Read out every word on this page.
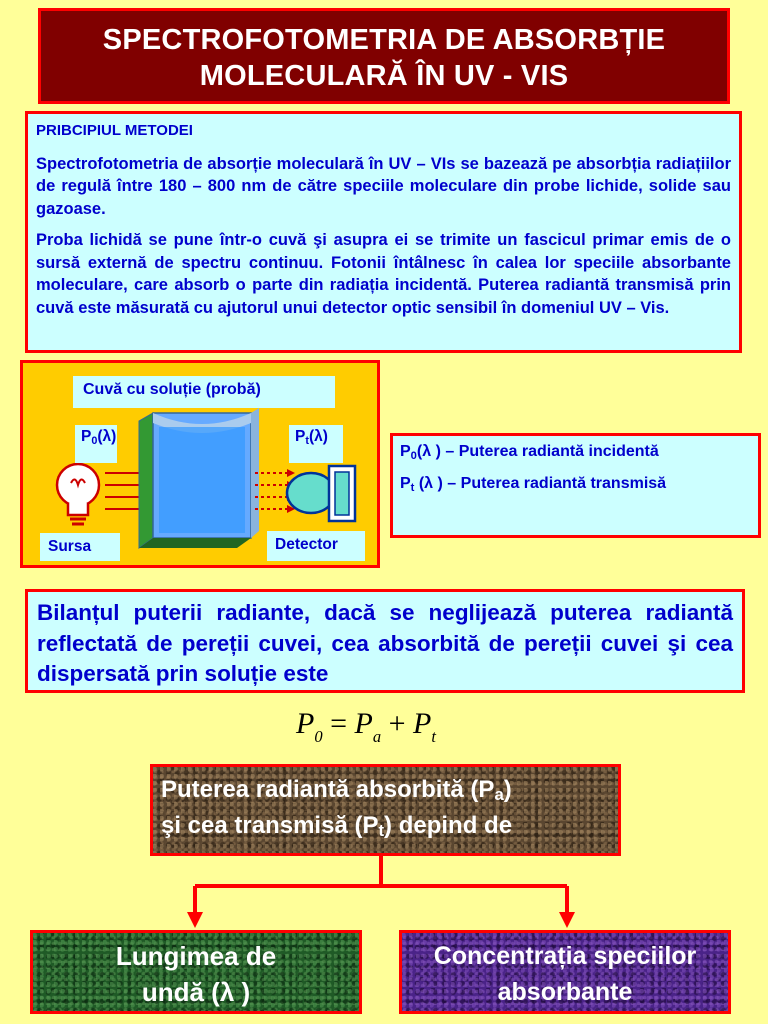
SPECTROFOTOMETRIA DE ABSORBȚIE
MOLECULARĂ ÎN UV - VIS

PRIBCIPIUL METODEI

Spectrofotometria de absorție moleculară în UV – VIs se bazează pe absorbția radiațiilor de regulă între 180 – 800 nm de către speciile moleculare din probe lichide, solide sau gazoase.

Proba lichidă se pune într-o cuvă şi asupra ei se trimite un fascicul primar emis de o sursă externă de spectru continuu. Fotonii întâlnesc în calea lor speciile absorbante moleculare, care absorb o parte din radiația incidentă. Puterea radiantă transmisă prin cuvă este măsurată cu ajutorul unui detector optic sensibil în domeniul UV – Vis.

Cuvă cu soluție (probă)
$P_0(\lambda)$	$P_t(\lambda)$
Sursa	Detector

$P_0(\lambda$ ) – Puterea radiantă incidentă

$P_t$ (λ ) – Puterea radiantă transmisă

Bilanțul puterii radiante, dacă se neglijează puterea radiantă reflectată de pereții cuvei, cea absorbită de pereții cuvei şi cea dispersată prin soluție este

$P_0 = P_a + P_t$
Puterea radiantă absorbită $(P_a)$
şi cea transmisă $(P_t)$ depind de
Lungimea de
undă (λ )
Concentrația speciilor
absorbante
